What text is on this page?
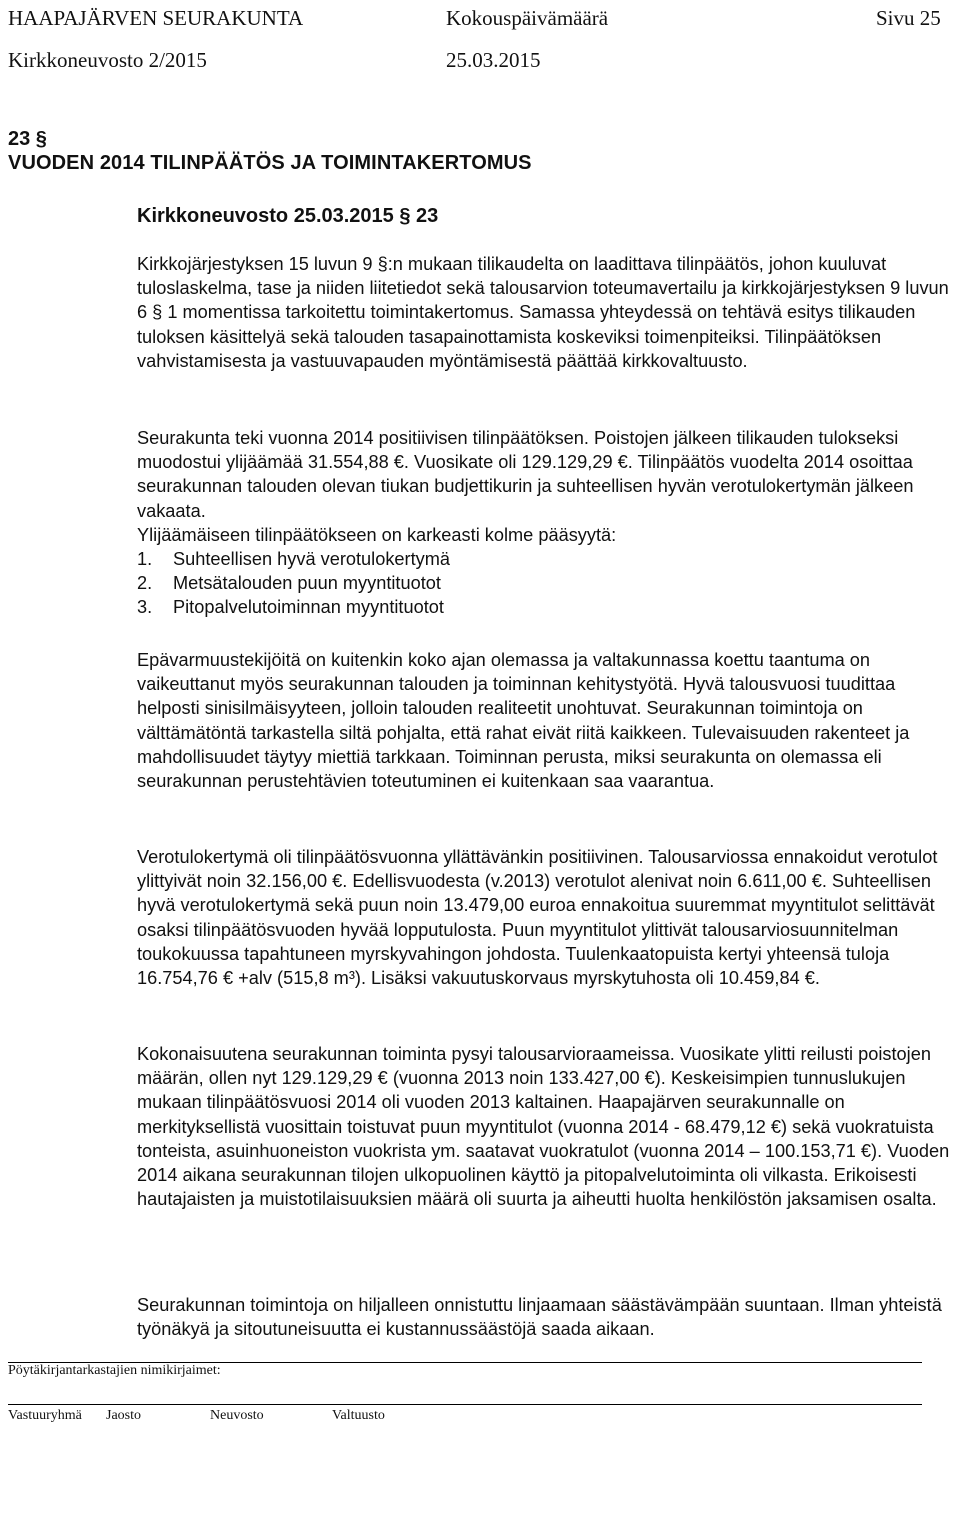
HAAPAJÄRVEN SEURAKUNTA	Kokouspäivämäärä	Sivu 25
Kirkkoneuvosto 2/2015	25.03.2015
23 §
VUODEN 2014 TILINPÄÄTÖS JA TOIMINTAKERTOMUS
Kirkkoneuvosto 25.03.2015 § 23

Kirkkojärjestyksen 15 luvun 9 §:n mukaan tilikaudelta on laadittava tilinpäätös, johon kuuluvat tuloslaskelma, tase ja niiden liitetiedot sekä talousarvion toteumavertailu ja kirkkojärjestyksen 9 luvun 6 § 1 momentissa tarkoitettu toimintakertomus. Samassa yhteydessä on tehtävä esitys tilikauden tuloksen käsittelyä sekä talouden tasapainottamista koskeviksi toimenpiteiksi. Tilinpäätöksen vahvistamisesta ja vastuuvapauden myöntämisestä päättää kirkkovaltuusto.

Seurakunta teki vuonna 2014 positiivisen tilinpäätöksen. Poistojen jälkeen tilikauden tulokseksi muodostui ylijäämää 31.554,88 €. Vuosikate oli 129.129,29 €. Tilinpäätös vuodelta 2014 osoittaa seurakunnan talouden olevan tiukan budjettikurin ja suhteellisen hyvän verotulokertymän jälkeen vakaata.

Ylijäämäiseen tilinpäätökseen on karkeasti kolme pääsyytä:

1.	Suhteellisen hyvä verotulokertymä
2.	Metsätalouden puun myyntituotot
3.	Pitopalvelutoiminnan myyntituotot

Epävarmuustekijöitä on kuitenkin koko ajan olemassa ja valtakunnassa koettu taantuma on vaikeuttanut myös seurakunnan talouden ja toiminnan kehitystyötä. Hyvä talousvuosi tuudittaa helposti sinisilmäisyyteen, jolloin talouden realiteetit unohtuvat. Seurakunnan toimintoja on välttämätöntä tarkastella siltä pohjalta, että rahat eivät riitä kaikkeen. Tulevaisuuden rakenteet ja mahdollisuudet täytyy miettiä tarkkaan. Toiminnan perusta, miksi seurakunta on olemassa eli seurakunnan perustehtävien toteutuminen ei kuitenkaan saa vaarantua.

Verotulokertymä oli tilinpäätösvuonna yllättävänkin positiivinen. Talousarviossa ennakoidut verotulot ylittyivät noin 32.156,00 €. Edellisvuodesta (v.2013) verotulot alenivat noin 6.611,00 €. Suhteellisen hyvä verotulokertymä sekä puun noin 13.479,00 euroa ennakoitua suuremmat myyntitulot selittävät osaksi tilinpäätösvuoden hyvää lopputulosta. Puun myyntitulot ylittivät talousarviosuunnitelman toukokuussa tapahtuneen myrskyvahingon johdosta. Tuulenkaatopuista kertyi yhteensä tuloja 16.754,76 € +alv (515,8 m³). Lisäksi vakuutuskorvaus myrskytuhosta oli 10.459,84 €.

Kokonaisuutena seurakunnan toiminta pysyi talousarvioraameissa. Vuosikate ylitti reilusti poistojen määrän, ollen nyt 129.129,29 € (vuonna 2013 noin 133.427,00 €). Keskeisimpien tunnuslukujen mukaan tilinpäätösvuosi 2014 oli vuoden 2013 kaltainen. Haapajärven seurakunnalle on merkityksellistä vuosittain toistuvat puun myyntitulot (vuonna 2014 - 68.479,12 €) sekä vuokratuista tonteista, asuinhuoneiston vuokrista ym. saatavat vuokratulot (vuonna 2014 – 100.153,71 €). Vuoden 2014 aikana seurakunnan tilojen ulkopuolinen käyttö ja pitopalvelutoiminta oli vilkasta. Erikoisesti hautajaisten ja muistotilaisuuksien määrä oli suurta ja aiheutti huolta henkilöstön jaksamisen osalta.

Seurakunnan toimintoja on hiljalleen onnistuttu linjaamaan säästävämpään suuntaan. Ilman yhteistä työnäkyä ja sitoutuneisuutta ei kustannussäästöjä saada aikaan.

Pöytäkirjantarkastajien nimikirjaimet:
Vastuuryhmä Jaosto	Neuvosto	Valtuusto
